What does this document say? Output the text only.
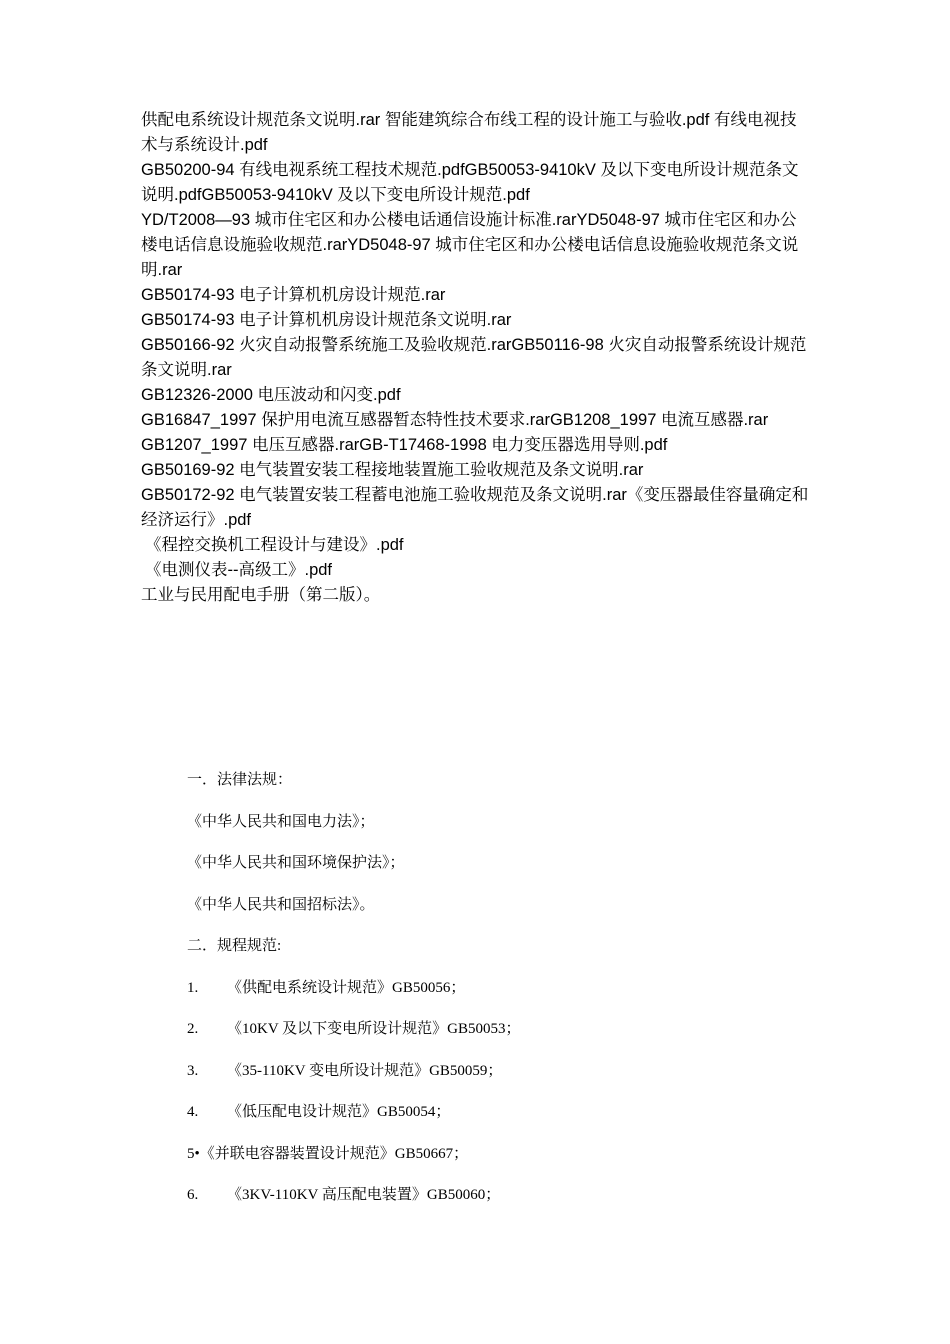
供配电系统设计规范条文说明.rar 智能建筑综合布线工程的设计施工与验收.pdf 有线电视技术与系统设计.pdf

GB50200-94 有线电视系统工程技术规范.pdfGB50053-9410kV 及以下变电所设计规范条文说明.pdfGB50053-9410kV 及以下变电所设计规范.pdf

YD/T2008—93 城市住宅区和办公楼电话通信设施计标准.rarYD5048-97 城市住宅区和办公楼电话信息设施验收规范.rarYD5048-97 城市住宅区和办公楼电话信息设施验收规范条文说明.rar

GB50174-93 电子计算机机房设计规范.rar

GB50174-93 电子计算机机房设计规范条文说明.rar

GB50166-92 火灾自动报警系统施工及验收规范.rarGB50116-98 火灾自动报警系统设计规范条文说明.rar

GB12326-2000 电压波动和闪变.pdf

GB16847_1997 保护用电流互感器暂态特性技术要求.rarGB1208_1997 电流互感器.rar

GB1207_1997 电压互感器.rarGB-T17468-1998 电力变压器选用导则.pdf

GB50169-92 电气装置安装工程接地装置施工验收规范及条文说明.rar

GB50172-92 电气装置安装工程蓄电池施工验收规范及条文说明.rar《变压器最佳容量确定和经济运行》.pdf

《程控交换机工程设计与建设》.pdf

《电测仪表--高级工》.pdf

工业与民用配电手册（第二版）。

一．法律法规：

《中华人民共和国电力法》；

《中华人民共和国环境保护法》；

《中华人民共和国招标法》。

二．规程规范:

1. 《供配电系统设计规范》GB50056；

2. 《10KV 及以下变电所设计规范》GB50053；

3. 《35-110KV 变电所设计规范》GB50059；

4. 《低压配电设计规范》GB50054；

5•《并联电容器装置设计规范》GB50667；

6. 《3KV-110KV 高压配电装置》GB50060；
